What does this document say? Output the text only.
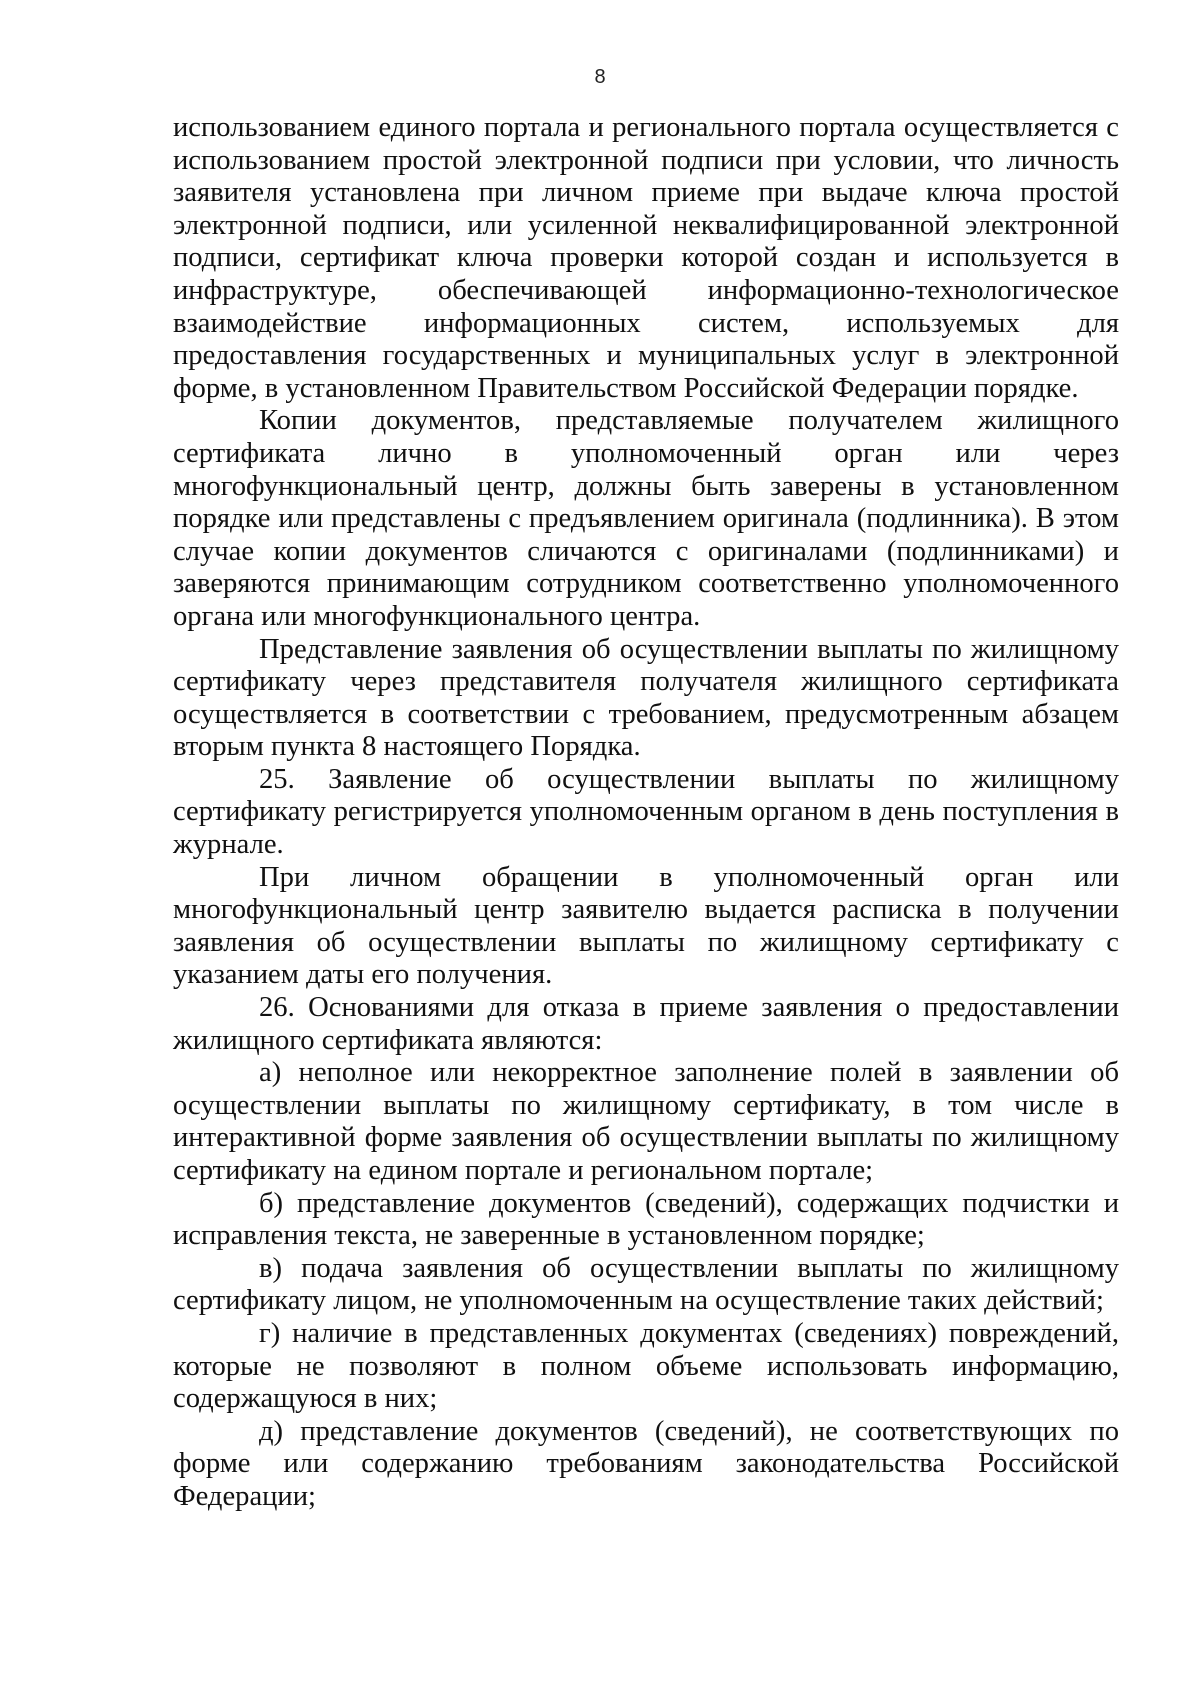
8

использованием единого портала и регионального портала осуществляется с использованием простой электронной подписи при условии, что личность заявителя установлена при личном приеме при выдаче ключа простой электронной подписи, или усиленной неквалифицированной электронной подписи, сертификат ключа проверки которой создан и используется в инфраструктуре, обеспечивающей информационно-технологическое взаимодействие информационных систем, используемых для предоставления государственных и муниципальных услуг в электронной форме, в установленном Правительством Российской Федерации порядке.

Копии документов, представляемые получателем жилищного сертификата лично в уполномоченный орган или через многофункциональный центр, должны быть заверены в установленном порядке или представлены с предъявлением оригинала (подлинника). В этом случае копии документов сличаются с оригиналами (подлинниками) и заверяются принимающим сотрудником соответственно уполномоченного органа или многофункционального центра.

Представление заявления об осуществлении выплаты по жилищному сертификату через представителя получателя жилищного сертификата осуществляется в соответствии с требованием, предусмотренным абзацем вторым пункта 8 настоящего Порядка.

25. Заявление об осуществлении выплаты по жилищному сертификату регистрируется уполномоченным органом в день поступления в журнале.

При личном обращении в уполномоченный орган или многофункциональный центр заявителю выдается расписка в получении заявления об осуществлении выплаты по жилищному сертификату с указанием даты его получения.

26. Основаниями для отказа в приеме заявления о предоставлении жилищного сертификата являются:

а) неполное или некорректное заполнение полей в заявлении об осуществлении выплаты по жилищному сертификату, в том числе в интерактивной форме заявления об осуществлении выплаты по жилищному сертификату на едином портале и региональном портале;

б) представление документов (сведений), содержащих подчистки и исправления текста, не заверенные в установленном порядке;

в) подача заявления об осуществлении выплаты по жилищному сертификату лицом, не уполномоченным на осуществление таких действий;

г) наличие в представленных документах (сведениях) повреждений, которые не позволяют в полном объеме использовать информацию, содержащуюся в них;

д) представление документов (сведений), не соответствующих по форме или содержанию требованиям законодательства Российской Федерации;
